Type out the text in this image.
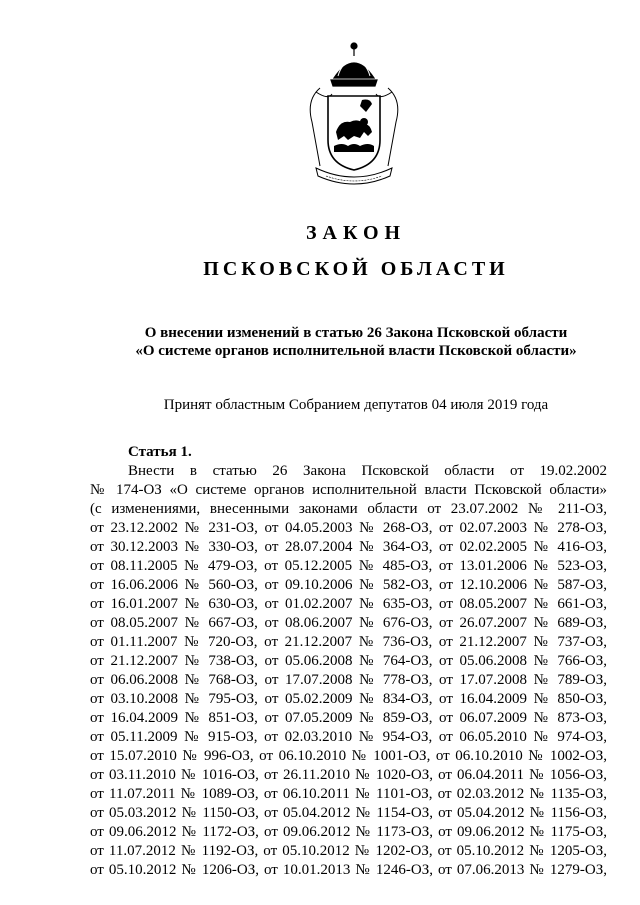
ЗАКОН
ПСКОВСКОЙ ОБЛАСТИ
О внесении изменений в статью 26 Закона Псковской области
«О системе органов исполнительной власти Псковской области»
Принят областным Собранием депутатов 04 июля 2019 года
Статья 1.
Внести в статью 26 Закона Псковской области от 19.02.2002
№ 174-ОЗ «О системе органов исполнительной власти Псковской области»
(с изменениями, внесенными законами области от 23.07.2002 № 211-ОЗ,
от 23.12.2002 № 231-ОЗ, от 04.05.2003 № 268-ОЗ, от 02.07.2003 № 278-ОЗ,
от 30.12.2003 № 330-ОЗ, от 28.07.2004 № 364-ОЗ, от 02.02.2005 № 416-ОЗ,
от 08.11.2005 № 479-ОЗ, от 05.12.2005 № 485-ОЗ, от 13.01.2006 № 523-ОЗ,
от 16.06.2006 № 560-ОЗ, от 09.10.2006 № 582-ОЗ, от 12.10.2006 № 587-ОЗ,
от 16.01.2007 № 630-ОЗ, от 01.02.2007 № 635-ОЗ, от 08.05.2007 № 661-ОЗ,
от 08.05.2007 № 667-ОЗ, от 08.06.2007 № 676-ОЗ, от 26.07.2007 № 689-ОЗ,
от 01.11.2007 № 720-ОЗ, от 21.12.2007 № 736-ОЗ, от 21.12.2007 № 737-ОЗ,
от 21.12.2007 № 738-ОЗ, от 05.06.2008 № 764-ОЗ, от 05.06.2008 № 766-ОЗ,
от 06.06.2008 № 768-ОЗ, от 17.07.2008 № 778-ОЗ, от 17.07.2008 № 789-ОЗ,
от 03.10.2008 № 795-ОЗ, от 05.02.2009 № 834-ОЗ, от 16.04.2009 № 850-ОЗ,
от 16.04.2009 № 851-ОЗ, от 07.05.2009 № 859-ОЗ, от 06.07.2009 № 873-ОЗ,
от 05.11.2009 № 915-ОЗ, от 02.03.2010 № 954-ОЗ, от 06.05.2010 № 974-ОЗ,
от 15.07.2010 № 996-ОЗ, от 06.10.2010 № 1001-ОЗ, от 06.10.2010 № 1002-ОЗ,
от 03.11.2010 № 1016-ОЗ, от 26.11.2010 № 1020-ОЗ, от 06.04.2011 № 1056-ОЗ,
от 11.07.2011 № 1089-ОЗ, от 06.10.2011 № 1101-ОЗ, от 02.03.2012 № 1135-ОЗ,
от 05.03.2012 № 1150-ОЗ, от 05.04.2012 № 1154-ОЗ, от 05.04.2012 № 1156-ОЗ,
от 09.06.2012 № 1172-ОЗ, от 09.06.2012 № 1173-ОЗ, от 09.06.2012 № 1175-ОЗ,
от 11.07.2012 № 1192-ОЗ, от 05.10.2012 № 1202-ОЗ, от 05.10.2012 № 1205-ОЗ,
от 05.10.2012 № 1206-ОЗ, от 10.01.2013 № 1246-ОЗ, от 07.06.2013 № 1279-ОЗ,
